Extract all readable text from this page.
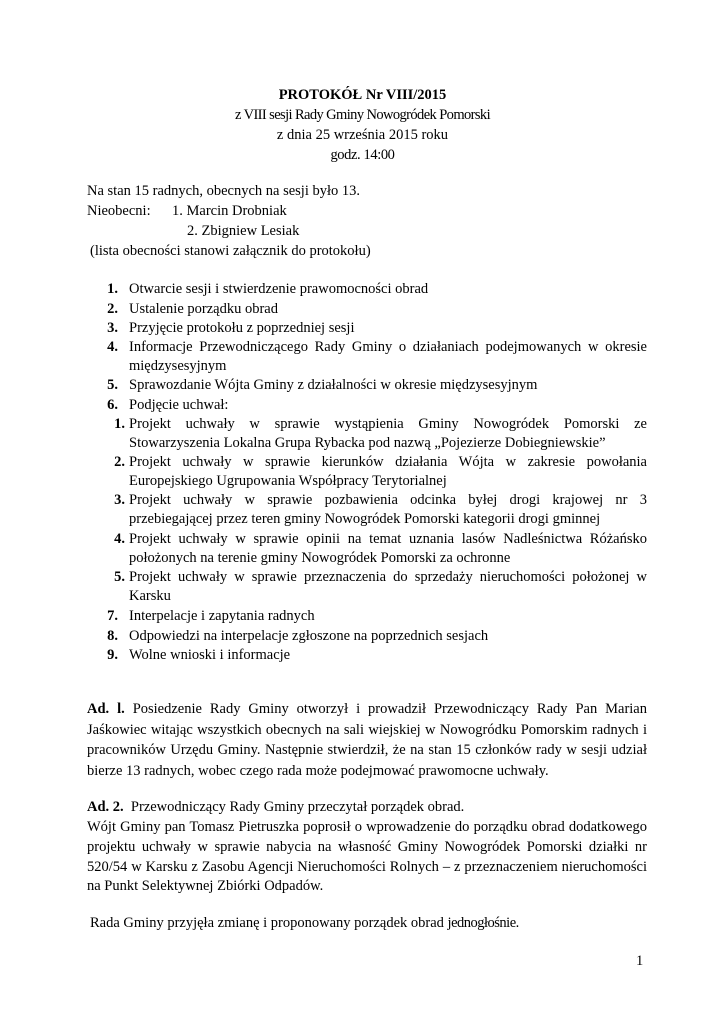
PROTOKÓŁ Nr VIII/2015
z VIII sesji Rady Gminy Nowogródek Pomorski
z dnia 25 września 2015 roku
godz. 14:00
Na stan 15 radnych, obecnych na sesji było 13.
Nieobecni: 1. Marcin Drobniak
2. Zbigniew Lesiak
(lista obecności stanowi załącznik do protokołu)
1. Otwarcie sesji i stwierdzenie prawomocności obrad
2. Ustalenie porządku obrad
3. Przyjęcie protokołu z poprzedniej sesji
4. Informacje Przewodniczącego Rady Gminy o działaniach podejmowanych w okresie międzysesyjnym
5. Sprawozdanie Wójta Gminy z działalności w okresie międzysesyjnym
6. Podjęcie uchwał:
1. Projekt uchwały w sprawie wystąpienia Gminy Nowogródek Pomorski ze Stowarzyszenia Lokalna Grupa Rybacka pod nazwą „Pojezierze Dobiegniewskie”
2. Projekt uchwały w sprawie kierunków działania Wójta w zakresie powołania Europejskiego Ugrupowania Współpracy Terytorialnej
3. Projekt uchwały w sprawie pozbawienia odcinka byłej drogi krajowej nr 3 przebiegającej przez teren gminy Nowogródek Pomorski kategorii drogi gminnej
4. Projekt uchwały w sprawie opinii na temat uznania lasów Nadleśnictwa Różańsko położonych na terenie gminy Nowogródek Pomorski za ochronne
5. Projekt uchwały w sprawie przeznaczenia do sprzedaży nieruchomości położonej w Karsku
7. Interpelacje i zapytania radnych
8. Odpowiedzi na interpelacje zgłoszone na poprzednich sesjach
9. Wolne wnioski i informacje
Ad. l. Posiedzenie Rady Gminy otworzył i prowadził Przewodniczący Rady Pan Marian Jaśkowiec witając wszystkich obecnych na sali wiejskiej w Nowogródku Pomorskim radnych i pracowników Urzędu Gminy. Następnie stwierdził, że na stan 15 członków rady w sesji udział bierze 13 radnych, wobec czego rada może podejmować prawomocne uchwały.
Ad. 2. Przewodniczący Rady Gminy przeczytał porządek obrad.
Wójt Gminy pan Tomasz Pietruszka poprosił o wprowadzenie do porządku obrad dodatkowego projektu uchwały w sprawie nabycia na własność Gminy Nowogródek Pomorski działki nr 520/54 w Karsku z Zasobu Agencji Nieruchomości Rolnych – z przeznaczeniem nieruchomości na Punkt Selektywnej Zbiórki Odpadów.
Rada Gminy przyjęła zmianę i proponowany porządek obrad jednogłośnie.
1
